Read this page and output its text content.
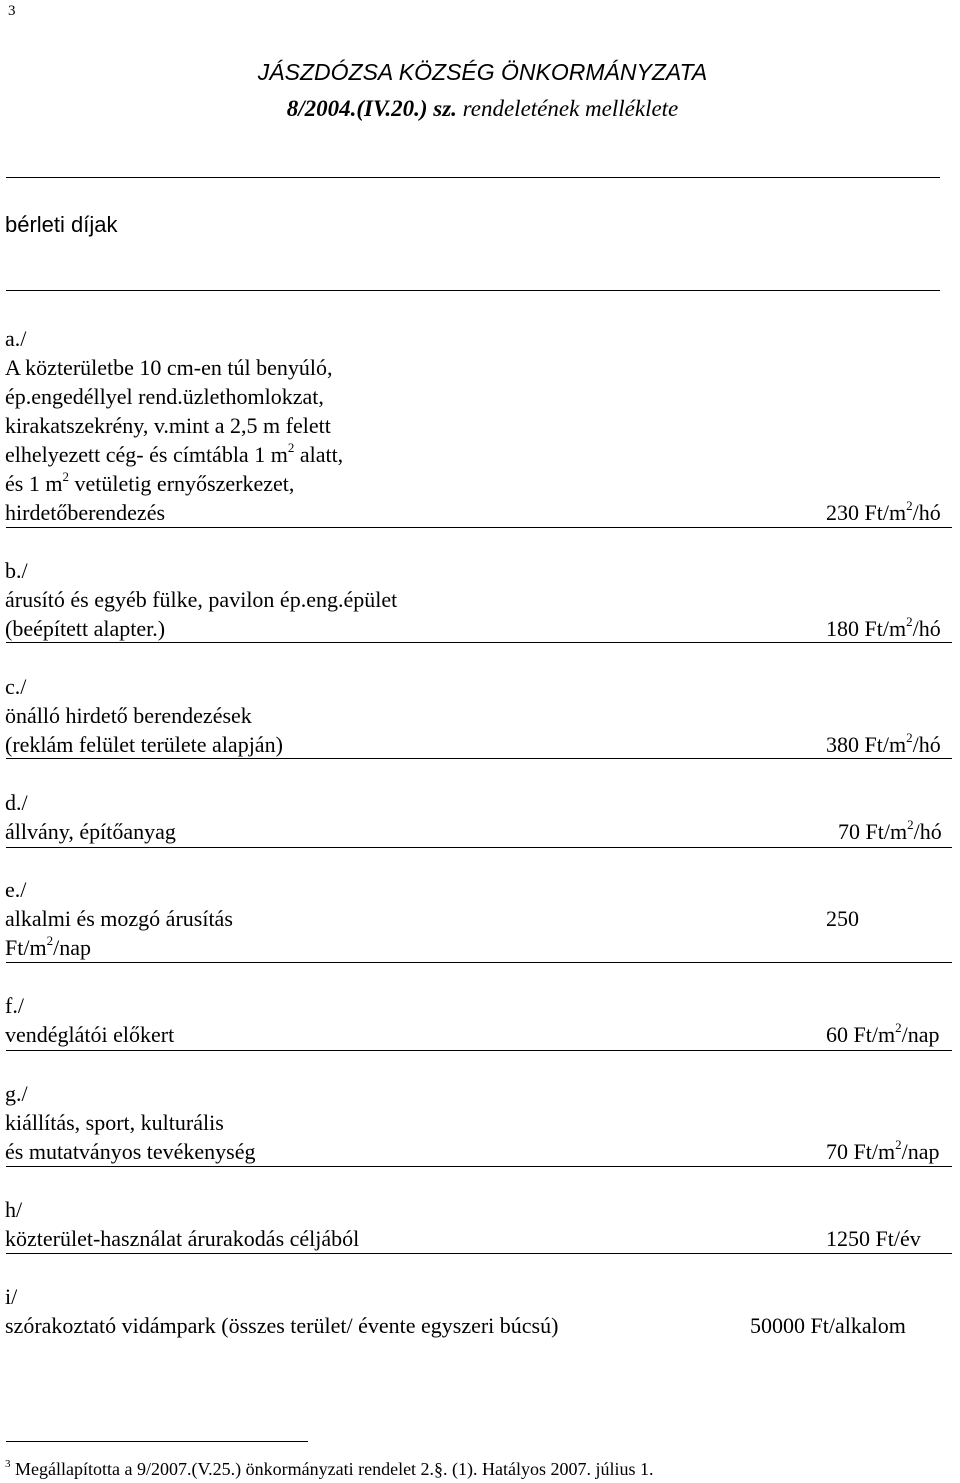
3
JÁSZDÓZSA KÖZSÉG ÖNKORMÁNYZATA
8/2004.(IV.20.) sz. rendeletének melléklete
bérleti díjak
a./
A közterületbe 10 cm-en túl benyúló,
ép.engedéllyel rend.üzlethomlokzat,
kirakatszekrény, v.mint a 2,5 m felett
elhelyezett cég- és címtábla 1 $m^2$ alatt,
és 1 $m^2$ vetületig ernyőszerkezet,
hirdetőberendezés	230 $Ft/m^2/hó$
b./
árusító és egyéb fülke, pavilon ép.eng.épület
(beépített alapter.)	180 $Ft/m^2/hó$
c./
önálló hirdető berendezések
(reklám felület területe alapján)	380 $Ft/m^2/hó$
d./
állvány, építőanyag	70 $Ft/m^2/hó$
e./
alkalmi és mozgó árusítás	250
$Ft/m^2$/nap
f./
vendéglátói előkert	60 $Ft/m^2$/nap
g./
kiállítás, sport, kulturális
és mutatványos tevékenység	70 $Ft/m^2$/nap
h/
közterület-használat árurakodás céljából	1250 Ft/év
i/
szórakoztató vidámpark (összes terület/ évente egyszeri búcsú)	50000 Ft/alkalom
$^3$ Megállapította a 9/2007.(V.25.) önkormányzati rendelet 2.§. (1). Hatályos 2007. július 1.
